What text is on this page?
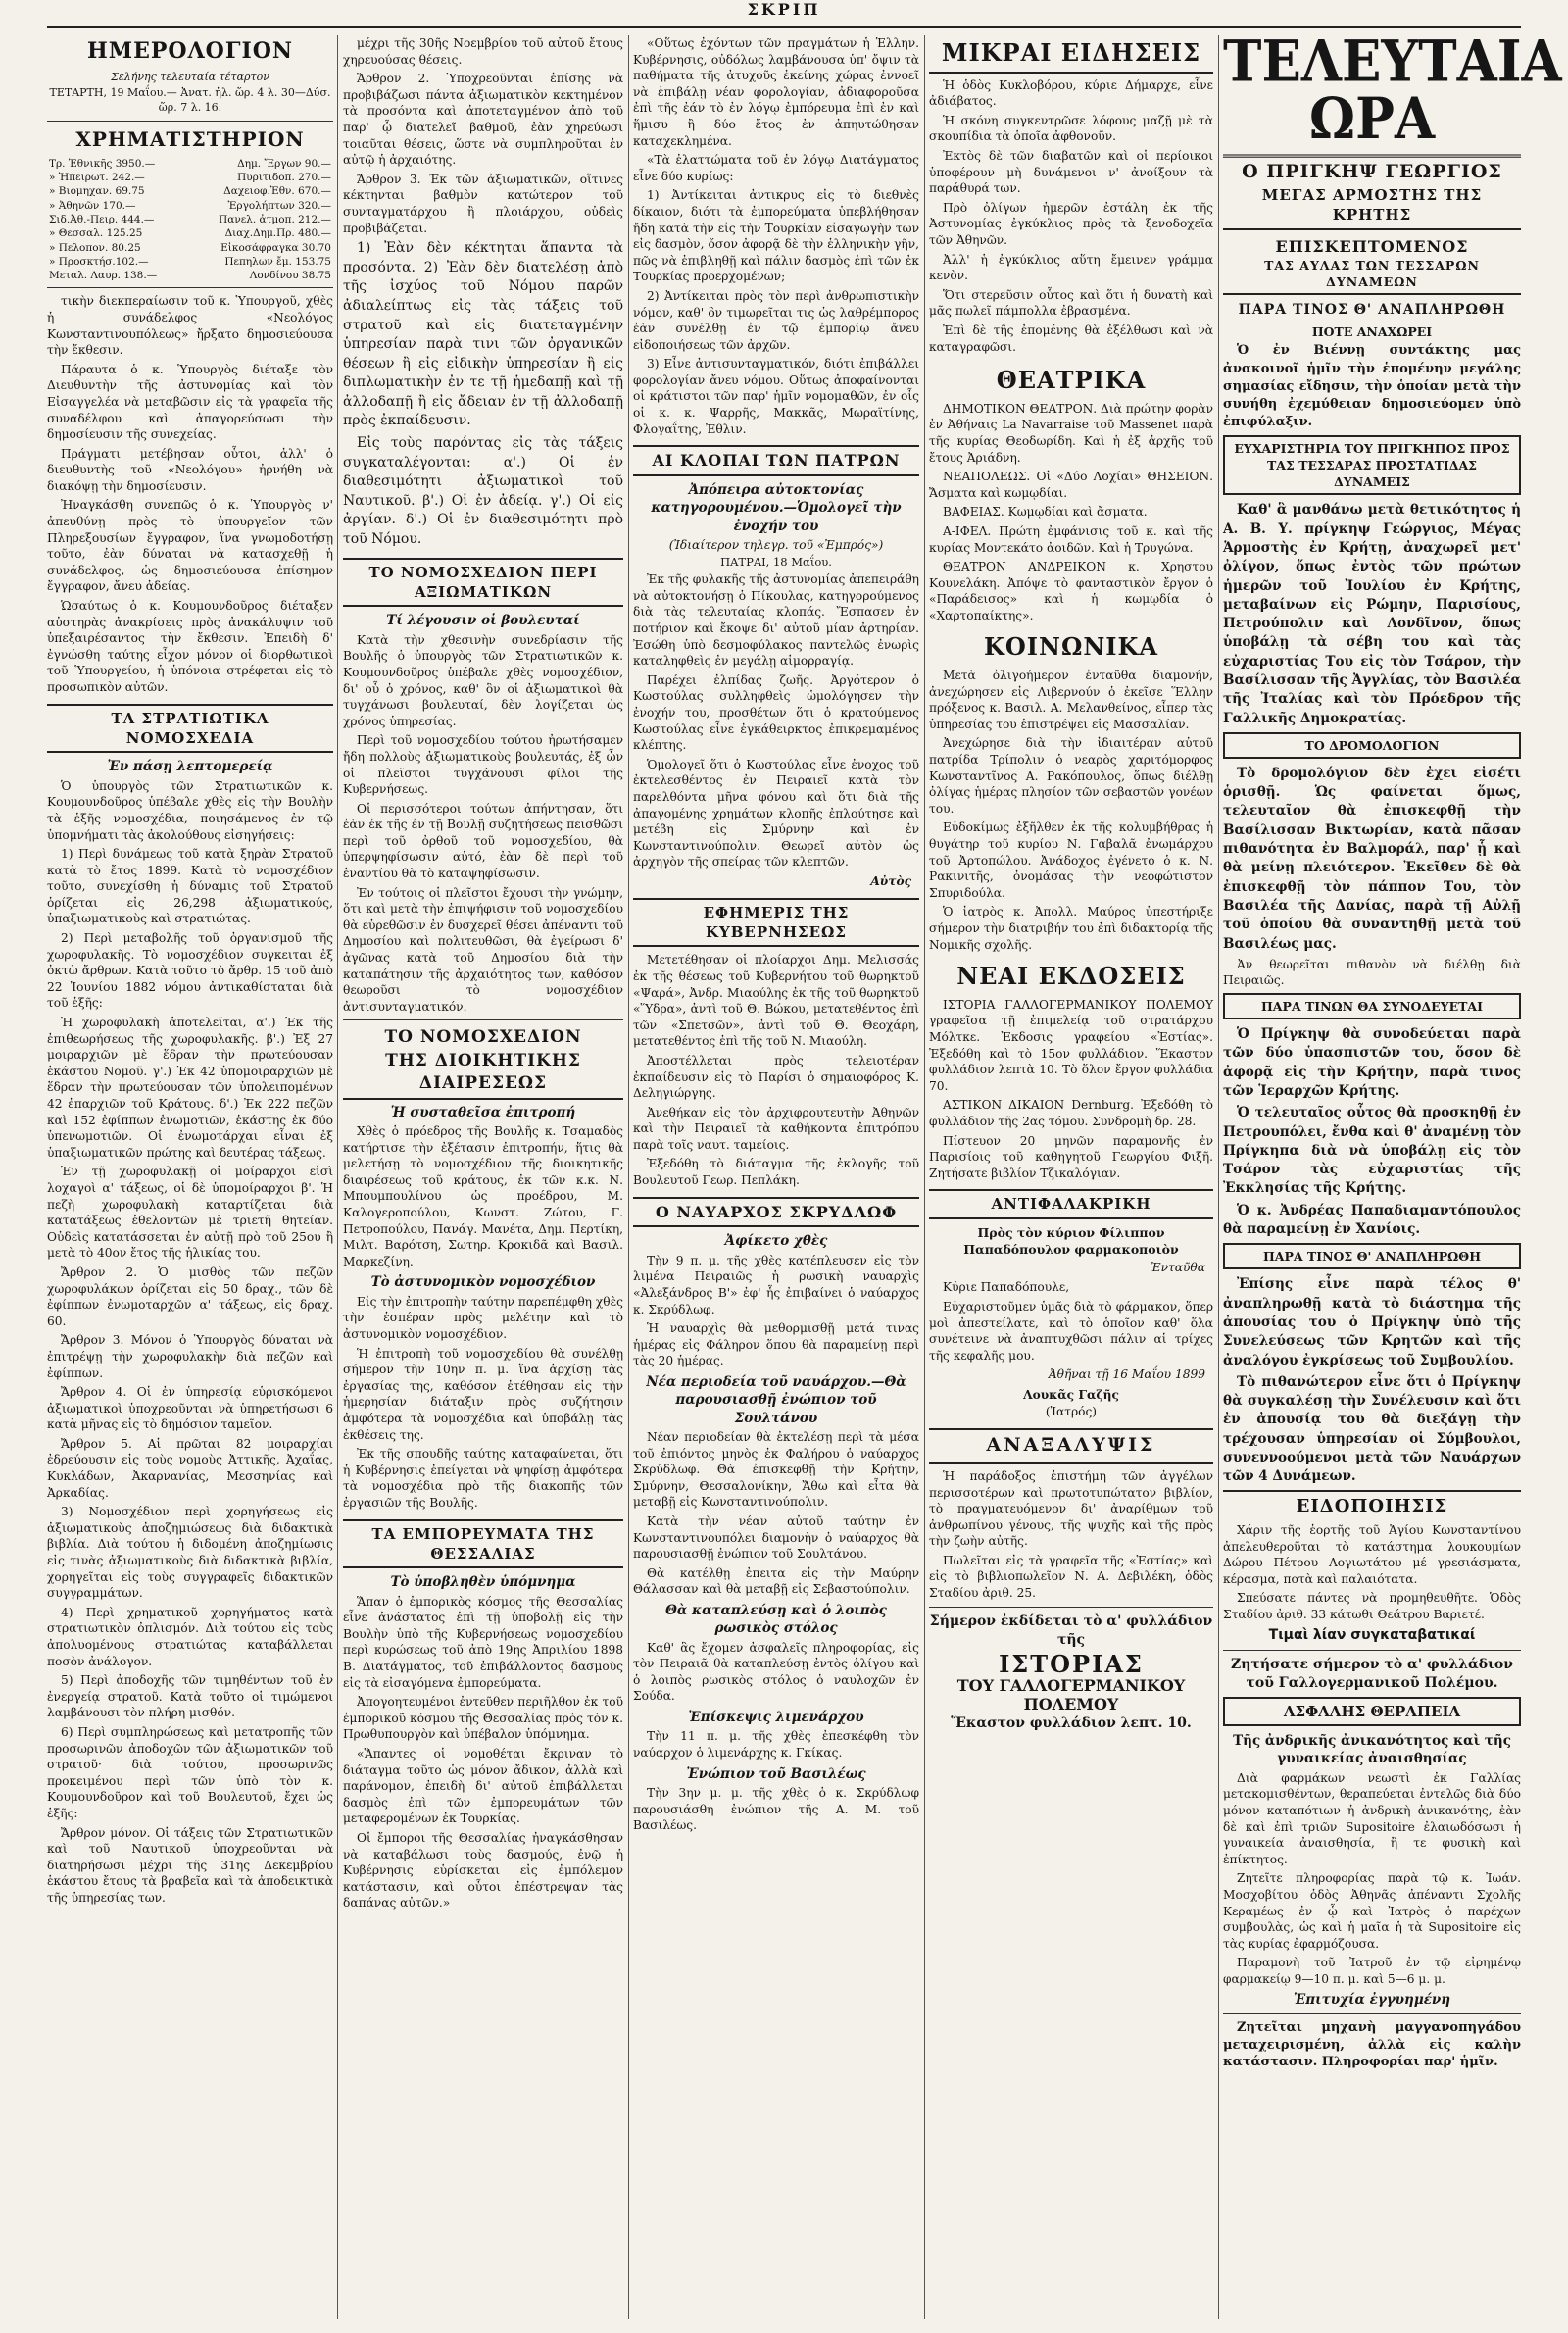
ΣΚΡΙΠ
ΗΜΕΡΟΛΟΓΙΟΝ
Σελήνης τελευταία τέταρτον
ΤΕΤΑΡΤΗ, 19 Μαΐου.— Ἀνατ. ἡλ. ὥρ. 4 λ. 30—Δύσ. ὥρ. 7 λ. 16.
ΧΡΗΜΑΤΙΣΤΗΡΙΟΝ
Τρ. Ἐθνικῆς 3950.—	Δημ. Ἔργων 90.—
» Ἠπειρωτ. 242.—	Πυριτιδοπ. 270.—
» Βιομηχαν. 69.75	Δαχειοφ.Ἐθν. 670.—
» Ἀθηνῶν 170.—	Ἐργολήπτων 320.—
Σιδ.Ἀθ.-Πειρ. 444.—	Πανελ. ἀτμοπ. 212.—
» Θεσσαλ. 125.25	Διαχ.Δημ.Πρ. 480.—
» Πελοπον. 80.25	Εἰκοσάφραγκα 30.70
» Προσκτήσ.102.—	Πεπηλων ἔμ. 153.75
Μεταλ. Λαυρ. 138.—	Λονδίνου 38.75

τικὴν διεκπεραίωσιν τοῦ κ. Ὑπουργοῦ, χθὲς ἡ συνάδελφος «Νεολόγος Κωνσταντινουπόλεως» ἤρξατο δημοσιεύουσα τὴν ἔκθεσιν.

Πάραυτα ὁ κ. Ὑπουργὸς διέταξε τὸν Διευθυντὴν τῆς ἀστυνομίας καὶ τὸν Εἰσαγγελέα νὰ μεταβῶσιν εἰς τὰ γραφεῖα τῆς συναδέλφου καὶ ἀπαγορεύσωσι τὴν δημοσίευσιν τῆς συνεχείας.

Πράγματι μετέβησαν οὗτοι, ἀλλ' ὁ διευθυντὴς τοῦ «Νεολόγου» ἠρνήθη νὰ διακόψῃ τὴν δημοσίευσιν.

Ἠναγκάσθη συνεπῶς ὁ κ. Ὑπουργὸς ν' ἀπευθύνῃ πρὸς τὸ ὑπουργεῖον τῶν Πληρεξουσίων ἔγγραφον, ἵνα γνωμοδοτήσῃ τοῦτο, ἐὰν δύναται νὰ κατασχεθῇ ἡ συνάδελφος, ὡς δημοσιεύουσα ἐπίσημον ἔγγραφον, ἄνευ ἀδείας.

Ὡσαύτως ὁ κ. Κουμουνδοῦρος διέταξεν αὐστηρὰς ἀνακρίσεις πρὸς ἀνακάλυψιν τοῦ ὑπεξαιρέσαντος τὴν ἔκθεσιν. Ἐπειδὴ δ' ἐγνώσθη ταύτης εἶχον μόνον οἱ διορθωτικοὶ τοῦ Ὑπουργείου, ἡ ὑπόνοια στρέφεται εἰς τὸ προσωπικὸν αὐτῶν.

ΤΑ ΣΤΡΑΤΙΩΤΙΚΑ ΝΟΜΟΣΧΕΔΙΑ
Ἐν πάσῃ λεπτομερείᾳ

Ὁ ὑπουργὸς τῶν Στρατιωτικῶν κ. Κουμουνδοῦρος ὑπέβαλε χθὲς εἰς τὴν Βουλὴν τὰ ἑξῆς νομοσχέδια, ποιησάμενος ἐν τῷ ὑπομνήματι τὰς ἀκολούθους εἰσηγήσεις:

1) Περὶ δυνάμεως τοῦ κατὰ ξηρὰν Στρατοῦ κατὰ τὸ ἔτος 1899. Κατὰ τὸ νομοσχέδιον τοῦτο, συνεχίσθη ἡ δύναμις τοῦ Στρατοῦ ὁρίζεται εἰς 26,298 ἀξιωματικούς, ὑπαξιωματικοὺς καὶ στρατιώτας.

2) Περὶ μεταβολῆς τοῦ ὀργανισμοῦ τῆς χωροφυλακῆς. Τὸ νομοσχέδιον συγκειται ἐξ ὀκτὼ ἄρθρων. Κατὰ τοῦτο τὸ ἄρθρ. 15 τοῦ ἀπὸ 22 Ἰουνίου 1882 νόμου ἀντικαθίσταται διὰ τοῦ ἑξῆς:

Ἡ χωροφυλακὴ ἀποτελεῖται, α'.) Ἐκ τῆς ἐπιθεωρήσεως τῆς χωροφυλακῆς. β'.) Ἐξ 27 μοιραρχιῶν μὲ ἕδραν τὴν πρωτεύουσαν ἑκάστου Νομοῦ. γ'.) Ἐκ 42 ὑπομοιραρχιῶν μὲ ἕδραν τὴν πρωτεύουσαν τῶν ὑπολειπομένων 42 ἐπαρχιῶν τοῦ Κράτους. δ'.) Ἐκ 222 πεζῶν καὶ 152 ἐφίππων ἐνωμοτιῶν, ἑκάστης ἐκ δύο ὑπενωμοτιῶν. Οἱ ἐνωμοτάρχαι εἶναι ἐξ ὑπαξιωματικῶν πρώτης καὶ δευτέρας τάξεως.

Ἐν τῇ χωροφυλακῇ οἱ μοίραρχοι εἰσὶ λοχαγοὶ α' τάξεως, οἱ δὲ ὑπομοίραρχοι β'. Ἡ πεζὴ χωροφυλακὴ καταρτίζεται διὰ κατατάξεως ἐθελοντῶν μὲ τριετῆ θητείαν. Οὐδεὶς κατατάσσεται ἐν αὐτῇ πρὸ τοῦ 25ου ἢ μετὰ τὸ 40ον ἔτος τῆς ἡλικίας του.

Ἄρθρον 2. Ὁ μισθὸς τῶν πεζῶν χωροφυλάκων ὁρίζεται εἰς 50 δραχ., τῶν δὲ ἐφίππων ἐνωμοταρχῶν α' τάξεως, εἰς δραχ. 60.

Ἄρθρον 3. Μόνον ὁ Ὑπουργὸς δύναται νὰ ἐπιτρέψῃ τὴν χωροφυλακὴν διὰ πεζῶν καὶ ἐφίππων.

Ἄρθρον 4. Οἱ ἐν ὑπηρεσίᾳ εὑρισκόμενοι ἀξιωματικοὶ ὑποχρεοῦνται νὰ ὑπηρετήσωσι 6 κατὰ μῆνας εἰς τὸ δημόσιον ταμεῖον.

Ἄρθρον 5. Αἱ πρῶται 82 μοιραρχίαι ἐδρεύουσιν εἰς τοὺς νομοὺς Ἀττικῆς, Ἀχαΐας, Κυκλάδων, Ἀκαρνανίας, Μεσσηνίας καὶ Ἀρκαδίας.

3) Νομοσχέδιον περὶ χορηγήσεως εἰς ἀξιωματικοὺς ἀποζημιώσεως διὰ διδακτικὰ βιβλία. Διὰ τούτου ἡ διδομένη ἀποζημίωσις εἰς τινὰς ἀξιωματικοὺς διὰ διδακτικὰ βιβλία, χορηγεῖται εἰς τοὺς συγγραφεῖς διδακτικῶν συγγραμμάτων.

4) Περὶ χρηματικοῦ χορηγήματος κατὰ στρατιωτικὸν ὀπλισμόν. Διὰ τούτου εἰς τοὺς ἀπολυομένους στρατιώτας καταβάλλεται ποσὸν ἀνάλογον.

5) Περὶ ἀποδοχῆς τῶν τιμηθέντων τοῦ ἐν ἐνεργείᾳ στρατοῦ. Κατὰ τοῦτο οἱ τιμώμενοι λαμβάνουσι τὸν πλήρη μισθόν.

6) Περὶ συμπληρώσεως καὶ μετατροπῆς τῶν προσωρινῶν ἀποδοχῶν τῶν ἀξιωματικῶν τοῦ στρατοῦ· διὰ τούτου, προσωρινῶς προκειμένου περὶ τῶν ὑπὸ τὸν κ. Κουμουνδοῦρον καὶ τοῦ Βουλευτοῦ, ἔχει ὡς ἑξῆς:

Ἄρθρον μόνον. Οἱ τάξεις τῶν Στρατιωτικῶν καὶ τοῦ Ναυτικοῦ ὑποχρεοῦνται νὰ διατηρήσωσι μέχρι τῆς 31ης Δεκεμβρίου ἑκάστου ἔτους τὰ βραβεῖα καὶ τὰ ἀποδεικτικὰ τῆς ὑπηρεσίας των.

μέχρι τῆς 30ῆς Νοεμβρίου τοῦ αὐτοῦ ἔτους χηρευούσας θέσεις.

Ἄρθρον 2. Ὑποχρεοῦνται ἐπίσης νὰ προβιβάζωσι πάντα ἀξιωματικὸν κεκτημένον τὰ προσόντα καὶ ἀποτεταγμένον ἀπὸ τοῦ παρ' ᾧ διατελεῖ βαθμοῦ, ἐὰν χηρεύωσι τοιαῦται θέσεις, ὥστε νὰ συμπληροῦται ἐν αὐτῷ ἡ ἀρχαιότης.

Ἄρθρον 3. Ἐκ τῶν ἀξιωματικῶν, οἵτινες κέκτηνται βαθμὸν κατώτερον τοῦ συνταγματάρχου ἢ πλοιάρχου, οὐδεὶς προβιβάζεται.

1) Ἐὰν δὲν κέκτηται ἅπαντα τὰ προσόντα. 2) Ἐὰν δὲν διατελέσῃ ἀπὸ τῆς ἰσχύος τοῦ Νόμου παρῶν ἀδιαλείπτως εἰς τὰς τάξεις τοῦ στρατοῦ καὶ εἰς διατεταγμένην ὑπηρεσίαν παρὰ τινι τῶν ὀργανικῶν θέσεων ἢ εἰς εἰδικὴν ὑπηρεσίαν ἢ εἰς διπλωματικὴν ἐν τε τῇ ἡμεδαπῇ καὶ τῇ ἀλλοδαπῇ ἢ εἰς ἄδειαν ἐν τῇ ἀλλοδαπῇ πρὸς ἐκπαίδευσιν.

Εἰς τοὺς παρόντας εἰς τὰς τάξεις συγκαταλέγονται: α'.) Οἱ ἐν διαθεσιμότητι ἀξιωματικοὶ τοῦ Ναυτικοῦ. β'.) Οἱ ἐν ἀδείᾳ. γ'.) Οἱ εἰς ἀργίαν. δ'.) Οἱ ἐν διαθεσιμότητι πρὸ τοῦ Νόμου.

ΤΟ ΝΟΜΟΣΧΕΔΙΟΝ ΠΕΡΙ ΑΞΙΩΜΑΤΙΚΩΝ
Τί λέγουσιν οἱ βουλευταί

Κατὰ τὴν χθεσινὴν συνεδρίασιν τῆς Βουλῆς ὁ ὑπουργὸς τῶν Στρατιωτικῶν κ. Κουμουνδοῦρος ὑπέβαλε χθὲς νομοσχέδιον, δι' οὗ ὁ χρόνος, καθ' ὃν οἱ ἀξιωματικοὶ θὰ τυγχάνωσι βουλευταί, δὲν λογίζεται ὡς χρόνος ὑπηρεσίας.

Περὶ τοῦ νομοσχεδίου τούτου ἠρωτήσαμεν ἤδη πολλοὺς ἀξιωματικοὺς βουλευτάς, ἐξ ὧν οἱ πλεῖστοι τυγχάνουσι φίλοι τῆς Κυβερνήσεως.

Οἱ περισσότεροι τούτων ἀπήντησαν, ὅτι ἐὰν ἐκ τῆς ἐν τῇ Βουλῇ συζητήσεως πεισθῶσι περὶ τοῦ ὀρθοῦ τοῦ νομοσχεδίου, θὰ ὑπερψηφίσωσιν αὐτό, ἐὰν δὲ περὶ τοῦ ἐναντίου θὰ τὸ καταψηφίσωσιν.

Ἐν τούτοις οἱ πλεῖστοι ἔχουσι τὴν γνώμην, ὅτι καὶ μετὰ τὴν ἐπιψήφισιν τοῦ νομοσχεδίου θὰ εὑρεθῶσιν ἐν δυσχερεῖ θέσει ἀπέναντι τοῦ Δημοσίου καὶ πολιτευθῶσι, θὰ ἐγείρωσι δ' ἀγῶνας κατὰ τοῦ Δημοσίου διὰ τὴν καταπάτησιν τῆς ἀρχαιότητος των, καθόσον θεωροῦσι τὸ νομοσχέδιον ἀντισυνταγματικόν.

ΤΟ ΝΟΜΟΣΧΕΔΙΟΝ
ΤΗΣ ΔΙΟΙΚΗΤΙΚΗΣ ΔΙΑΙΡΕΣΕΩΣ
Ἡ συσταθεῖσα ἐπιτροπή

Χθὲς ὁ πρόεδρος τῆς Βουλῆς κ. Τσαμαδὸς κατήρτισε τὴν ἐξέτασιν ἐπιτροπήν, ἥτις θὰ μελετήσῃ τὸ νομοσχέδιον τῆς διοικητικῆς διαιρέσεως τοῦ κράτους, ἐκ τῶν κ.κ. Ν. Μπουμπουλίνου ὡς προέδρου, Μ. Καλογεροπούλου, Κωνστ. Ζώτου, Γ. Πετροπούλου, Πανάγ. Μανέτα, Δημ. Περτίκη, Μιλτ. Βαρότση, Σωτηρ. Κροκιδᾶ καὶ Βασιλ. Μαρκεζίνη.

Τὸ ἀστυνομικὸν νομοσχέδιον

Εἰς τὴν ἐπιτροπὴν ταύτην παρεπέμφθη χθὲς τὴν ἑσπέραν πρὸς μελέτην καὶ τὸ ἀστυνομικὸν νομοσχέδιον.

Ἡ ἐπιτροπὴ τοῦ νομοσχεδίου θὰ συνέλθῃ σήμερον τὴν 10ην π. μ. ἵνα ἀρχίσῃ τὰς ἐργασίας της, καθόσον ἐτέθησαν εἰς τὴν ἡμερησίαν διάταξιν πρὸς συζήτησιν ἀμφότερα τὰ νομοσχέδια καὶ ὑποβάλῃ τὰς ἐκθέσεις της.

Ἐκ τῆς σπουδῆς ταύτης καταφαίνεται, ὅτι ἡ Κυβέρνησις ἐπείγεται νὰ ψηφίσῃ ἀμφότερα τὰ νομοσχέδια πρὸ τῆς διακοπῆς τῶν ἐργασιῶν τῆς Βουλῆς.

ΤΑ ΕΜΠΟΡΕΥΜΑΤΑ ΤΗΣ ΘΕΣΣΑΛΙΑΣ
Τὸ ὑποβληθὲν ὑπόμνημα

Ἅπαν ὁ ἐμπορικὸς κόσμος τῆς Θεσσαλίας εἶνε ἀνάστατος ἐπὶ τῇ ὑποβολῇ εἰς τὴν Βουλὴν ὑπὸ τῆς Κυβερνήσεως νομοσχεδίου περὶ κυρώσεως τοῦ ἀπὸ 19ης Ἀπριλίου 1898 Β. Διατάγματος, τοῦ ἐπιβάλλοντος δασμοὺς εἰς τὰ εἰσαγόμενα ἐμπορεύματα.

Ἀπογοητευμένοι ἐντεῦθεν περιῆλθον ἐκ τοῦ ἐμπορικοῦ κόσμου τῆς Θεσσαλίας πρὸς τὸν κ. Πρωθυπουργὸν καὶ ὑπέβαλον ὑπόμνημα.

«Ἅπαντες οἱ νομοθέται ἔκριναν τὸ διάταγμα τοῦτο ὡς μόνον ἄδικον, ἀλλὰ καὶ παράνομον, ἐπειδὴ δι' αὐτοῦ ἐπιβάλλεται δασμὸς ἐπὶ τῶν ἐμπορευμάτων τῶν μεταφερομένων ἐκ Τουρκίας.

Οἱ ἔμποροι τῆς Θεσσαλίας ἠναγκάσθησαν νὰ καταβάλωσι τοὺς δασμούς, ἐνῷ ἡ Κυβέρνησις εὑρίσκεται εἰς ἐμπόλεμον κατάστασιν, καὶ οὗτοι ἐπέστρεψαν τὰς δαπάνας αὐτῶν.»

«Οὕτως ἐχόντων τῶν πραγμάτων ἡ Ἑλλην. Κυβέρνησις, οὐδόλως λαμβάνουσα ὑπ' ὄψιν τὰ παθήματα τῆς ἀτυχοῦς ἐκείνης χώρας ἐννοεῖ νὰ ἐπιβάλῃ νέαν φορολογίαν, ἀδιαφοροῦσα ἐπὶ τῆς ἐάν τὸ ἐν λόγῳ ἐμπόρευμα ἐπὶ ἐν καὶ ἥμισυ ἢ δύο ἔτος ἐν ἀπηυτώθησαν καταχεκλημένα.

«Τὰ ἐλαττώματα τοῦ ἐν λόγῳ Διατάγματος εἶνε δύο κυρίως:

1) Ἀντίκειται ἀντικρυς εἰς τὸ διεθνὲς δίκαιον, διότι τὰ ἐμπορεύματα ὑπεβλήθησαν ἤδη κατὰ τὴν εἰς τὴν Τουρκίαν εἰσαγωγὴν των εἰς δασμὸν, ὅσον ἀφορᾷ δὲ τὴν ἑλληνικὴν γῆν, πῶς νὰ ἐπιβληθῇ καὶ πάλιν δασμὸς ἐπὶ τῶν ἐκ Τουρκίας προερχομένων;

2) Ἀντίκειται πρὸς τὸν περὶ ἀνθρωπιστικὴν νόμον, καθ' ὃν τιμωρεῖται τις ὡς λαθρέμπορος ἐὰν συνέλθῃ ἐν τῷ ἐμπορίῳ ἄνευ εἰδοποιήσεως τῶν ἀρχῶν.

3) Εἶνε ἀντισυνταγματικόν, διότι ἐπιβάλλει φορολογίαν ἄνευ νόμου. Οὕτως ἀποφαίνονται οἱ κράτιστοι τῶν παρ' ἡμῖν νομομαθῶν, ἐν οἷς οἱ κ. κ. Ψαρρῆς, Μακκᾶς, Μωραϊτίνης, Φλογαΐτης, Ἐθλιν.

ΑΙ ΚΛΟΠΑΙ ΤΩΝ ΠΑΤΡΩΝ
Ἀπόπειρα αὐτοκτονίας κατηγορουμένου.—Ὁμολογεῖ τὴν ἐνοχήν του
(Ἰδιαίτερον τηλεγρ. τοῦ «Ἐμπρός»)
ΠΑΤΡΑΙ, 18 Μαΐου.

Ἐκ τῆς φυλακῆς τῆς ἀστυνομίας ἀπεπειράθη νὰ αὐτοκτονήσῃ ὁ Πίκουλας, κατηγορούμενος διὰ τὰς τελευταίας κλοπάς. Ἔσπασεν ἐν ποτήριον καὶ ἔκοψε δι' αὐτοῦ μίαν ἀρτηρίαν. Ἐσώθη ὑπὸ δεσμοφύλακος παντελῶς ἐνωρὶς καταληφθεὶς ἐν μεγάλῃ αἱμορραγίᾳ.

Παρέχει ἐλπίδας ζωῆς. Ἀργότερον ὁ Κωστούλας συλληφθεὶς ὡμολόγησεν τὴν ἐνοχήν του, προσθέτων ὅτι ὁ κρατούμενος Κωστούλας εἶνε ἐγκάθειρκτος ἐπικρεμαμένος κλέπτης.

Ὁμολογεῖ ὅτι ὁ Κωστούλας εἶνε ἐνοχος τοῦ ἐκτελεσθέντος ἐν Πειραιεῖ κατὰ τὸν παρελθόντα μῆνα φόνου καὶ ὅτι διὰ τῆς ἀπαγομένης χρημάτων κλοπῆς ἐπλούτησε καὶ μετέβη εἰς Σμύρνην καὶ ἐν Κωνσταντινούπολιν. Θεωρεῖ αὐτὸν ὡς ἀρχηγὸν τῆς σπείρας τῶν κλεπτῶν.

Αὐτὸς
ΕΦΗΜΕΡΙΣ ΤΗΣ ΚΥΒΕΡΝΗΣΕΩΣ

Μετετέθησαν οἱ πλοίαρχοι Δημ. Μελισσάς ἐκ τῆς θέσεως τοῦ Κυβερνήτου τοῦ θωρηκτοῦ «Ψαρά», Ἀνδρ. Μιαούλης ἐκ τῆς τοῦ θωρηκτοῦ «Ὕδρα», ἀντὶ τοῦ Θ. Βώκου, μετατεθέντος ἐπὶ τῶν «Σπετσῶν», ἀντὶ τοῦ Θ. Θεοχάρη, μετατεθέντος ἐπὶ τῆς τοῦ Ν. Μιαούλη.

Ἀποστέλλεται πρὸς τελειοτέραν ἐκπαίδευσιν εἰς τὸ Παρίσι ὁ σημαιοφόρος Κ. Δεληγιώργης.

Ἀνεθήκαν εἰς τὸν ἀρχιφρουτευτὴν Ἀθηνῶν καὶ τὴν Πειραιεῖ τὰ καθήκοντα ἐπιτρόπου παρὰ τοῖς ναυτ. ταμείοις.

Ἐξεδόθη τὸ διάταγμα τῆς ἐκλογῆς τοῦ Βουλευτοῦ Γεωρ. Πεπλάκη.

Ο ΝΑΥΑΡΧΟΣ ΣΚΡΥΔΛΩΦ
Ἀφίκετο χθὲς

Τὴν 9 π. μ. τῆς χθὲς κατέπλευσεν εἰς τὸν λιμένα Πειραιῶς ἡ ρωσικὴ ναυαρχὶς «Ἀλεξάνδρος Β'» ἐφ' ἧς ἐπιβαίνει ὁ ναύαρχος κ. Σκρύδλωφ.

Ἡ ναυαρχὶς θὰ μεθορμισθῇ μετά τινας ἡμέρας εἰς Φάληρον ὅπου θὰ παραμείνῃ περὶ τὰς 20 ἡμέρας.

Νέα περιοδεία τοῦ ναυάρχου.—Θὰ παρουσιασθῇ ἐνώπιον τοῦ Σουλτάνου

Νέαν περιοδείαν θὰ ἐκτελέσῃ περὶ τὰ μέσα τοῦ ἐπιόντος μηνὸς ἐκ Φαλήρου ὁ ναύαρχος Σκρύδλωφ. Θὰ ἐπισκεφθῇ τὴν Κρήτην, Σμύρνην, Θεσσαλονίκην, Ἄθω καὶ εἶτα θὰ μεταβῇ εἰς Κωνσταντινούπολιν.

Κατὰ τὴν νέαν αὐτοῦ ταύτην ἐν Κωνσταντινουπόλει διαμονὴν ὁ ναύαρχος θὰ παρουσιασθῇ ἐνώπιον τοῦ Σουλτάνου.

Θὰ κατέλθῃ ἐπειτα εἰς τὴν Μαύρην Θάλασσαν καὶ θὰ μεταβῇ εἰς Σεβαστούπολιν.

Θὰ καταπλεύσῃ καὶ ὁ λοιπὸς ρωσικὸς στόλος

Καθ' ἃς ἔχομεν ἀσφαλεῖς πληροφορίας, εἰς τὸν Πειραιᾶ θὰ καταπλεύσῃ ἐντὸς ὀλίγου καὶ ὁ λοιπὸς ρωσικὸς στόλος ὁ ναυλοχῶν ἐν Σούδα.

Ἐπίσκεψις λιμενάρχου

Τὴν 11 π. μ. τῆς χθὲς ἐπεσκέφθη τὸν ναύαρχον ὁ λιμενάρχης κ. Γκίκας.

Ἐνώπιον τοῦ Βασιλέως

Τὴν 3ην μ. μ. τῆς χθὲς ὁ κ. Σκρύδλωφ παρουσιάσθη ἐνώπιον τῆς Α. Μ. τοῦ Βασιλέως.

ΜΙΚΡΑΙ ΕΙΔΗΣΕΙΣ

Ἡ ὁδὸς Κυκλοβόρου, κύριε Δήμαρχε, εἶνε ἀδιάβατος.

Ἡ σκόνη συγκεντρῶσε λόφους μαζῇ μὲ τὰ σκουπίδια τὰ ὁποῖα ἀφθονοῦν.

Ἐκτὸς δὲ τῶν διαβατῶν καὶ οἱ περίοικοι ὑποφέρουν μὴ δυνάμενοι ν' ἀνοίξουν τὰ παράθυρά των.

Πρὸ ὀλίγων ἡμερῶν ἐστάλη ἐκ τῆς Ἀστυνομίας ἐγκύκλιος πρὸς τὰ ξενοδοχεῖα τῶν Ἀθηνῶν.

Ἀλλ' ἡ ἐγκύκλιος αὕτη ἔμεινεν γράμμα κενὸν.

Ὅτι στερεῦσιν οὗτος καὶ ὅτι ἡ δυνατὴ καὶ μᾶς πωλεῖ πάμπολλα ἐβρασμένα.

Ἐπὶ δὲ τῆς ἐπομένης θὰ ἐξέλθωσι καὶ νὰ καταγραφῶσι.

ΘΕΑΤΡΙΚΑ

ΔΗΜΟΤΙΚΟΝ ΘΕΑΤΡΟΝ. Διὰ πρώτην φορὰν ἐν Ἀθήναις La Navarraise τοῦ Massenet παρὰ τῆς κυρίας Θεοδωρίδη. Καὶ ἡ ἐξ ἀρχῆς τοῦ ἔτους Ἀριάδνη.

ΝΕΑΠΟΛΕΩΣ. Οἱ «Δύο Λοχίαι» ΘΗΣΕΙΟΝ. Ἄσματα καὶ κωμῳδίαι.

ΒΑΦΕΙΑΣ. Κωμῳδίαι καὶ ἄσματα.

Α-ΙΦΕΛ. Πρώτη ἐμφάνισις τοῦ κ. καὶ τῆς κυρίας Μοντεκάτο ἀοιδῶν. Καὶ ἡ Τρυγώνα.

ΘΕΑΤΡΟΝ ΑΝΔΡΕΙΚΟΝ κ. Χρηστου Κουνελάκη. Ἀπόψε τὸ φανταστικὸν ἔργον ὁ «Παράδεισος» καὶ ἡ κωμῳδία ὁ «Χαρτοπαίκτης».

ΚΟΙΝΩΝΙΚΑ

Μετὰ ὀλιγοήμερον ἐνταῦθα διαμονήν, ἀνεχώρησεν εἰς Λιβερνούν ὁ ἐκεῖσε Ἕλλην πρόξενος κ. Βασιλ. Α. Μελανθείνος, εἶπερ τὰς ὑπηρεσίας του ἐπιστρέψει εἰς Μασσαλίαν.

Ἀνεχώρησε διὰ τὴν ἰδιαιτέραν αὐτοῦ πατρίδα Τρίπολιν ὁ νεαρὸς χαριτόμορφος Κωνσταντῖνος Α. Ρακόπουλος, ὅπως διέλθῃ ὀλίγας ἡμέρας πλησίον τῶν σεβαστῶν γονέων του.

Εὐδοκίμως ἐξῆλθεν ἐκ τῆς κολυμβήθρας ἡ θυγάτηρ τοῦ κυρίου Ν. Γαβαλᾶ ἐνωμάρχου τοῦ Ἀρτοπώλου. Ἀνάδοχος ἐγένετο ὁ κ. Ν. Ρακινιτῆς, ὀνομάσας τὴν νεοφώτιστον Σπυριδούλα.

Ὁ ἰατρὸς κ. Ἀπολλ. Μαύρος ὑπεστήριξε σήμερον τὴν διατριβήν του ἐπὶ διδακτορίᾳ τῆς Νομικῆς σχολῆς.

ΝΕΑΙ ΕΚΔΟΣΕΙΣ

ΙΣΤΟΡΙΑ ΓΑΛΛΟΓΕΡΜΑΝΙΚΟΥ ΠΟΛΕΜΟΥ γραφεῖσα τῇ ἐπιμελείᾳ τοῦ στρατάρχου Μόλτκε. Ἐκδοσις γραφείου «Ἑστίας». Ἐξεδόθη καὶ τὸ 15ον φυλλάδιον. Ἕκαστον φυλλάδιον λεπτὰ 10. Τὸ ὅλον ἔργον φυλλάδια 70.

ΑΣΤΙΚΟΝ ΔΙΚΑΙΟΝ Dernburg. Ἐξεδόθη τὸ φυλλάδιον τῆς 2ας τόμου. Συνδρομὴ δρ. 28.

Πίστευον 20 μηνῶν παραμονῆς ἐν Παρισίοις τοῦ καθηγητοῦ Γεωργίου Φιξῆ. Ζητήσατε βιβλίον Τζικαλόγιαν.

ΑΝΤΙΦΑΛΑΚΡΙΚΗ
Πρὸς τὸν κύριον Φίλιππον Παπαδόπουλον φαρμακοποιὸν
Ἐνταῦθα

Κύριε Παπαδόπουλε,

Εὐχαριστοῦμεν ὑμᾶς διὰ τὸ φάρμακον, ὅπερ μοὶ ἀπεστείλατε, καὶ τὸ ὁποῖον καθ' ὅλα συνέτεινε νὰ ἀναπτυχθῶσι πάλιν αἱ τρίχες τῆς κεφαλῆς μου.

Ἀθῆναι τῇ 16 Μαΐου 1899
Λουκᾶς Γαζῆς
(Ἰατρός)
ΑΝΑΞΑΛΥΨΙΣ

Ἡ παράδοξος ἐπιστήμη τῶν ἀγγέλων περισσοτέρων καὶ πρωτοτυπώτατον βιβλίον, τὸ πραγματευόμενον δι' ἀναρίθμων τοῦ ἀνθρωπίνου γένους, τῆς ψυχῆς καὶ τῆς πρὸς τὴν ζωὴν αὐτῆς.

Πωλεῖται εἰς τὰ γραφεῖα τῆς «Ἑστίας» καὶ εἰς τὸ βιβλιοπωλεῖον Ν. Α. Δεβιλέκη, ὁδὸς Σταδίου ἀριθ. 25.

Σήμερον ἐκδίδεται τὸ α' φυλλάδιον τῆς
ΙΣΤΟΡΙΑΣ
ΤΟΥ ΓΑΛΛΟΓΕΡΜΑΝΙΚΟΥ ΠΟΛΕΜΟΥ
Ἕκαστον φυλλάδιον λεπτ. 10.
ΤΕΛΕΥΤΑΙΑ ΩΡΑ
Ο ΠΡΙΓΚΗΨ ΓΕΩΡΓΙΟΣ
ΜΕΓΑΣ ΑΡΜΟΣΤΗΣ ΤΗΣ ΚΡΗΤΗΣ
ΕΠΙΣΚΕΠΤΟΜΕΝΟΣ
ΤΑΣ ΑΥΛΑΣ ΤΩΝ ΤΕΣΣΑΡΩΝ ΔΥΝΑΜΕΩΝ
ΠΑΡΑ ΤΙΝΟΣ Θ' ΑΝΑΠΛΗΡΩΘΗ
ΠΟΤΕ ΑΝΑΧΩΡΕΙ

Ὁ ἐν Βιέννῃ συντάκτης μας ἀνακοινοῖ ἡμῖν τὴν ἑπομένην μεγάλης σημασίας εἴδησιν, τὴν ὁποίαν μετὰ τὴν συνήθη ἐχεμύθειαν δημοσιεύομεν ὑπὸ ἐπιφύλαξιν.

ΕΥΧΑΡΙΣΤΗΡΙΑ ΤΟΥ ΠΡΙΓΚΗΠΟΣ ΠΡΟΣ ΤΑΣ ΤΕΣΣΑΡΑΣ ΠΡΟΣΤΑΤΙΔΑΣ ΔΥΝΑΜΕΙΣ

Καθ' ἃ μανθάνω μετὰ θετικότητος ἡ Α. Β. Υ. πρίγκηψ Γεώργιος, Μέγας Ἁρμοστὴς ἐν Κρήτῃ, ἀναχωρεῖ μετ' ὀλίγον, ὅπως ἐντὸς τῶν πρώτων ἡμερῶν τοῦ Ἰουλίου ἐν Κρήτης, μεταβαίνων εἰς Ρώμην, Παρισίους, Πετρούπολιν καὶ Λονδῖνον, ὅπως ὑποβάλῃ τὰ σέβη του καὶ τὰς εὐχαριστίας Του εἰς τὸν Τσάρον, τὴν Βασίλισσαν τῆς Ἀγγλίας, τὸν Βασιλέα τῆς Ἰταλίας καὶ τὸν Πρόεδρον τῆς Γαλλικῆς Δημοκρατίας.

ΤΟ ΔΡΟΜΟΛΟΓΙΟΝ

Τὸ δρομολόγιον δὲν ἐχει εἰσέτι ὁρισθῇ. Ὡς φαίνεται ὅμως, τελευταῖον θὰ ἐπισκεφθῇ τὴν Βασίλισσαν Βικτωρίαν, κατὰ πᾶσαν πιθανότητα ἐν Βαλμοράλ, παρ' ᾗ καὶ θὰ μείνῃ πλειότερον. Ἐκεῖθεν δὲ θὰ ἐπισκεφθῇ τὸν πάππον Του, τὸν Βασιλέα τῆς Δανίας, παρὰ τῇ Αὐλῇ τοῦ ὁποίου θὰ συναντηθῇ μετὰ τοῦ Βασιλέως μας.

Ἀν θεωρεῖται πιθανὸν νὰ διέλθῃ διὰ Πειραιῶς.

ΠΑΡΑ ΤΙΝΩΝ ΘΑ ΣΥΝΟΔΕΥΕΤΑΙ

Ὁ Πρίγκηψ θὰ συνοδεύεται παρὰ τῶν δύο ὑπασπιστῶν του, ὅσον δὲ ἀφορᾷ εἰς τὴν Κρήτην, παρὰ τινος τῶν Ἱεραρχῶν Κρήτης.

Ὁ τελευταῖος οὗτος θὰ προσκηθῇ ἐν Πετρουπόλει, ἔνθα καὶ θ' ἀναμένῃ τὸν Πρίγκηπα διὰ νὰ ὑποβάλῃ εἰς τὸν Τσάρον τὰς εὐχαριστίας τῆς Ἐκκλησίας τῆς Κρήτης.

Ὁ κ. Ἀνδρέας Παπαδιαμαντόπουλος θὰ παραμείνῃ ἐν Χανίοις.

ΠΑΡΑ ΤΙΝΟΣ Θ' ΑΝΑΠΛΗΡΩΘΗ

Ἐπίσης εἶνε παρὰ τέλος θ' ἀναπληρωθῇ κατὰ τὸ διάστημα τῆς ἀπουσίας του ὁ Πρίγκηψ ὑπὸ τῆς Συνελεύσεως τῶν Κρητῶν καὶ τῆς ἀναλόγου ἐγκρίσεως τοῦ Συμβουλίου.

Τὸ πιθανώτερον εἶνε ὅτι ὁ Πρίγκηψ θὰ συγκαλέσῃ τὴν Συνέλευσιν καὶ ὅτι ἐν ἀπουσίᾳ του θὰ διεξάγῃ τὴν τρέχουσαν ὑπηρεσίαν οἱ Σύμβουλοι, συνεννοούμενοι μετὰ τῶν Ναυάρχων τῶν 4 Δυνάμεων.

ΕΙΔΟΠΟΙΗΣΙΣ

Χάριν τῆς ἑορτῆς τοῦ Ἁγίου Κωνσταντίνου ἀπελευθεροῦται τὸ κατάστημα λουκουμίων Δώρου Πέτρου Λογιωτάτου μέ γρεσιάσματα, κέρασμα, ποτὰ καὶ παλαιότατα.

Σπεύσατε πάντες νὰ προμηθευθῆτε. Ὁδὸς Σταδίου ἀριθ. 33 κάτωθι Θεάτρου Βαριετέ.

Τιμαὶ λίαν συγκαταβατικαί
Ζητήσατε σήμερον τὸ α' φυλλάδιον τοῦ Γαλλογερμανικοῦ Πολέμου.
ΑΣΦΑΛΗΣ ΘΕΡΑΠΕΙΑ
Τῆς ἀνδρικῆς ἀνικανότητος καὶ τῆς γυναικείας ἀναισθησίας

Διὰ φαρμάκων νεωστὶ ἐκ Γαλλίας μετακομισθέντων, θεραπεύεται ἐντελῶς διὰ δύο μόνον καταπότιων ἡ ἀνδρικὴ ἀνικανότης, ἐὰν δὲ καὶ ἐπὶ τριῶν Supositoire ἐλαιωδόσωσι ἡ γυναικεία ἀναισθησία, ἢ τε φυσικὴ καὶ ἐπίκτητος.

Ζητεῖτε πληροφορίας παρὰ τῷ κ. Ἰωάν. Μοσχοβίτου ὁδὸς Ἀθηνᾶς ἀπέναντι Σχολῆς Κεραμέως ἐν ᾧ καὶ Ἰατρὸς ὁ παρέχων συμβουλὰς, ὡς καὶ ἡ μαῖα ἡ τὰ Supositoire εἰς τὰς κυρίας ἐφαρμόζουσα.

Παραμονὴ τοῦ Ἰατροῦ ἐν τῷ εἰρημένῳ φαρμακείῳ 9—10 π. μ. καὶ 5—6 μ. μ.

Ἐπιτυχία ἐγγυημένη

Ζητεῖται μηχανὴ μαγγανοπηγάδου μεταχειρισμένη, ἀλλὰ εἰς καλὴν κατάστασιν. Πληροφορίαι παρ' ἡμῖν.
